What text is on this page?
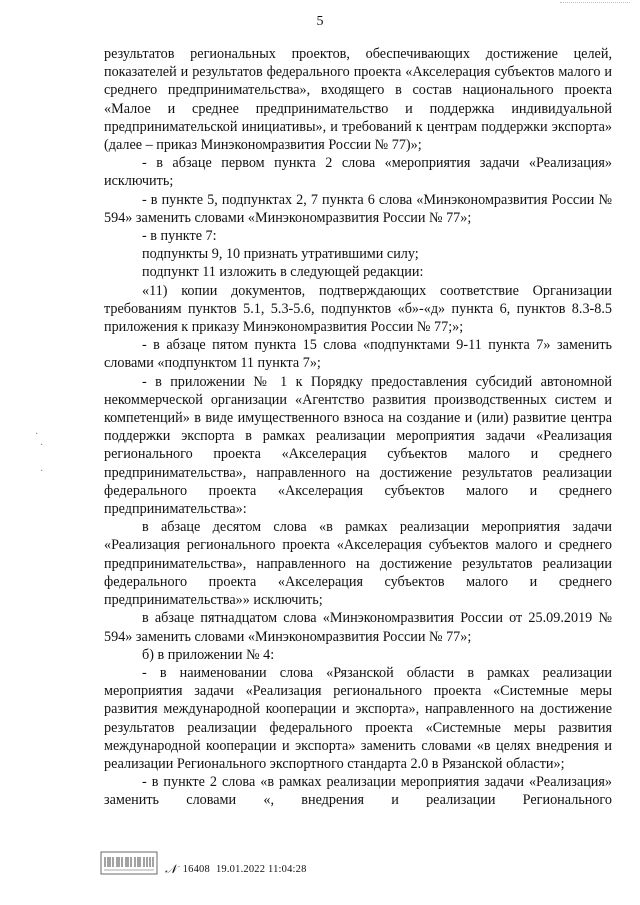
5
·
·
·

результатов региональных проектов, обеспечивающих достижение целей, показателей и результатов федерального проекта «Акселерация субъектов малого и среднего предпринимательства», входящего в состав национального проекта «Малое и среднее предпринимательство и поддержка индивидуальной предпринимательской инициативы», и требований к центрам поддержки экспорта» (далее – приказ Минэкономразвития России № 77)»;

- в абзаце первом пункта 2 слова «мероприятия задачи «Реализация» исключить;

- в пункте 5, подпунктах 2, 7 пункта 6 слова «Минэкономразвития России № 594» заменить словами «Минэкономразвития России № 77»;

- в пункте 7:

подпункты 9, 10 признать утратившими силу;

подпункт 11 изложить в следующей редакции:

«11) копии документов, подтверждающих соответствие Организации требованиям пунктов 5.1, 5.3-5.6, подпунктов «б»-«д» пункта 6, пунктов 8.3-8.5 приложения к приказу Минэкономразвития России № 77;»;

- в абзаце пятом пункта 15 слова «подпунктами 9-11 пункта 7» заменить словами «подпунктом 11 пункта 7»;

- в приложении № 1 к Порядку предоставления субсидий автономной некоммерческой организации «Агентство развития производственных систем и компетенций» в виде имущественного взноса на создание и (или) развитие центра поддержки экспорта в рамках реализации мероприятия задачи «Реализация регионального проекта «Акселерация субъектов малого и среднего предпринимательства», направленного на достижение результатов реализации федерального проекта «Акселерация субъектов малого и среднего предпринимательства»:

в абзаце десятом слова «в рамках реализации мероприятия задачи «Реализация регионального проекта «Акселерация субъектов малого и среднего предпринимательства», направленного на достижение результатов реализации федерального проекта «Акселерация субъектов малого и среднего предпринимательства»» исключить;

в абзаце пятнадцатом слова «Минэкономразвития России от 25.09.2019 № 594» заменить словами «Минэкономразвития России № 77»;

б) в приложении № 4:

- в наименовании слова «Рязанской области в рамках реализации мероприятия задачи «Реализация регионального проекта «Системные меры развития международной кооперации и экспорта», направленного на достижение результатов реализации федерального проекта «Системные меры развития международной кооперации и экспорта» заменить словами «в целях внедрения и реализации Регионального экспортного стандарта 2.0 в Рязанской области»;

- в пункте 2 слова «в рамках реализации мероприятия задачи «Реализация» заменить словами «, внедрения и реализации Регионального

𝒩 16408 19.01.2022 11:04:28
